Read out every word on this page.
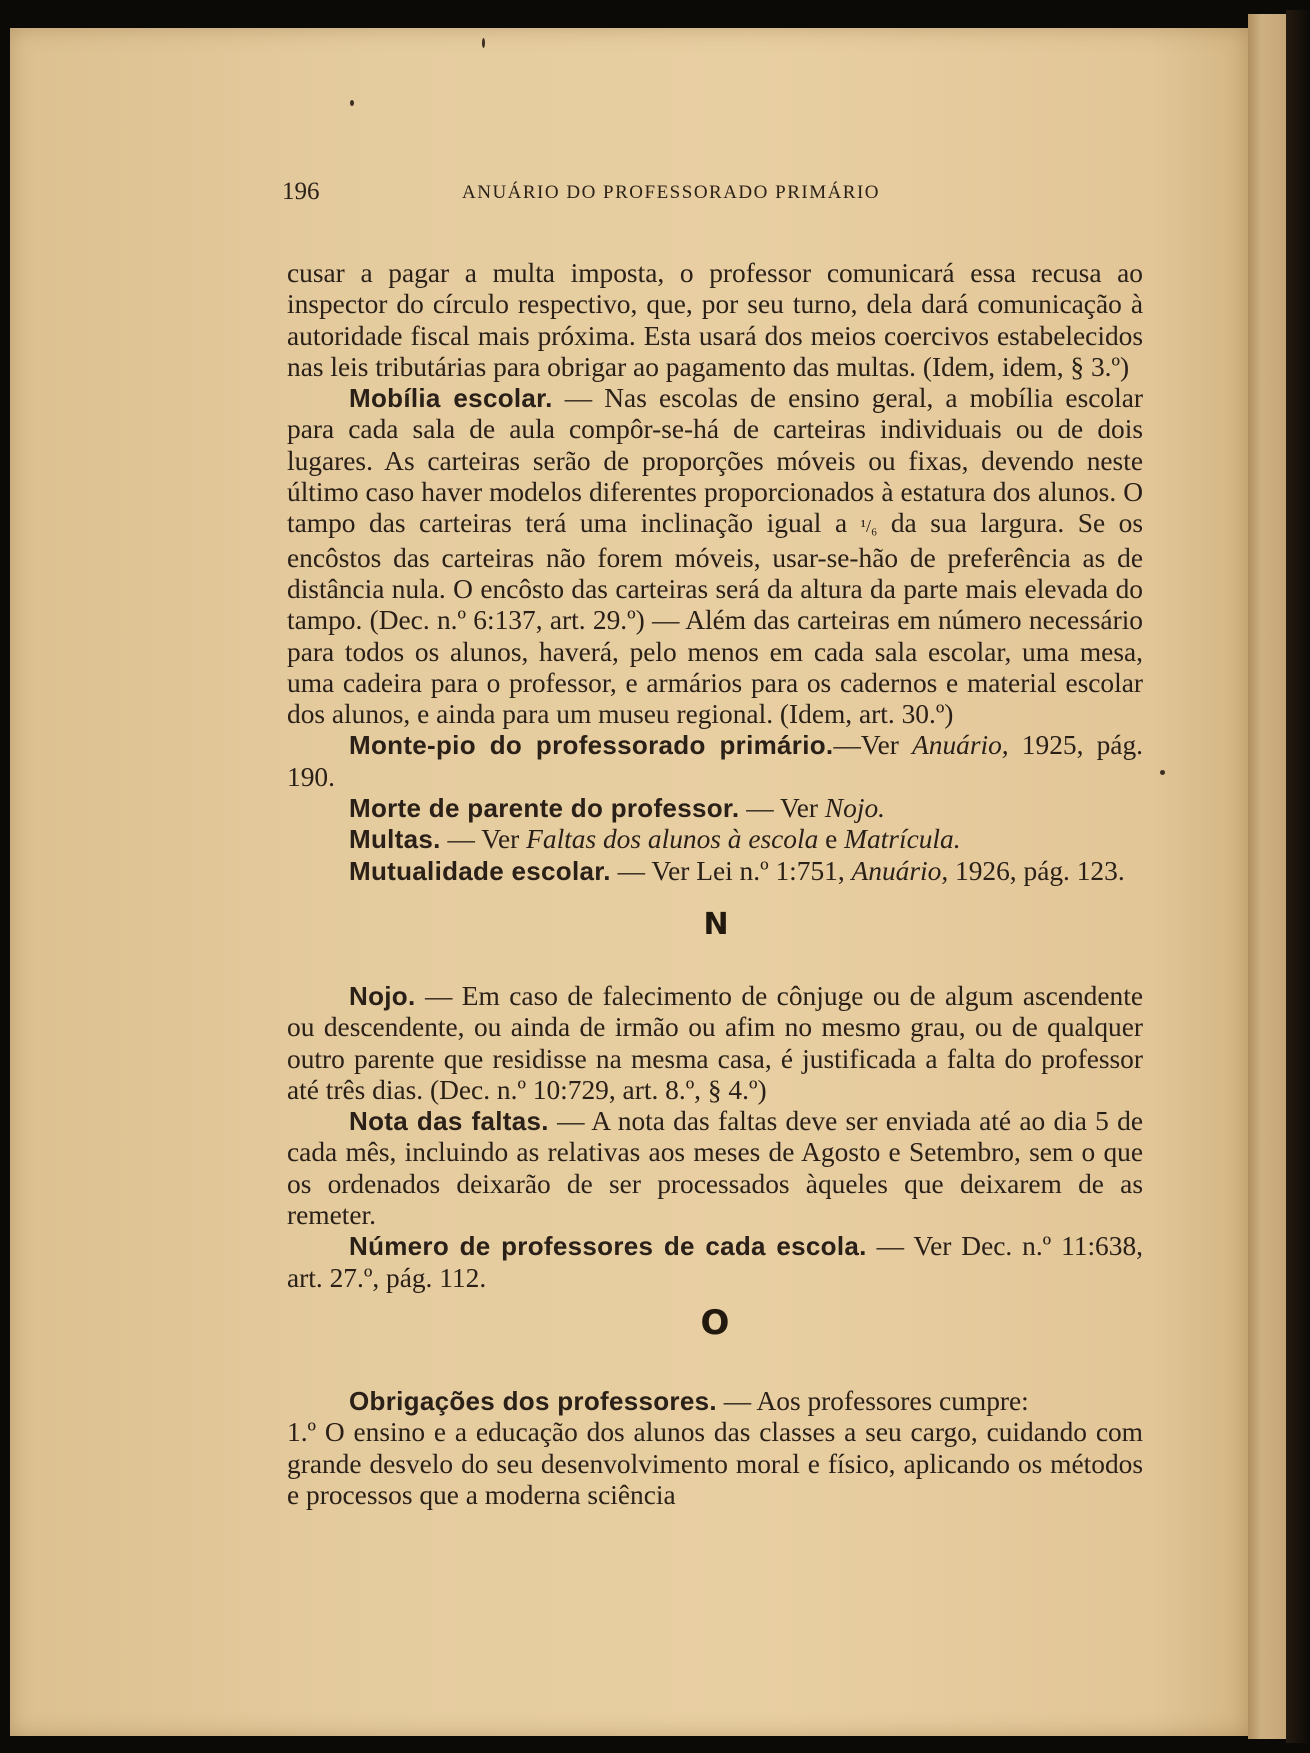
196	ANUÁRIO DO PROFESSORADO PRIMÁRIO

cusar a pagar a multa imposta, o professor comunicará essa recusa ao inspector do círculo respectivo, que, por seu turno, dela dará comunicação à autoridade fiscal mais próxima. Esta usará dos meios coercivos estabelecidos nas leis tributárias para obrigar ao pagamento das multas. (Idem, idem, § 3.º)

Mobília escolar. — Nas escolas de ensino geral, a mobília escolar para cada sala de aula compôr-se-há de carteiras individuais ou de dois lugares. As carteiras serão de proporções móveis ou fixas, devendo neste último caso haver modelos diferentes proporcionados à estatura dos alunos. O tampo das carteiras terá uma inclinação igual a ¹/₆ da sua largura. Se os encôstos das carteiras não forem móveis, usar-se-hão de preferência as de distância nula. O encôsto das carteiras será da altura da parte mais elevada do tampo. (Dec. n.º 6:137, art. 29.º) — Além das carteiras em número necessário para todos os alunos, haverá, pelo menos em cada sala escolar, uma mesa, uma cadeira para o professor, e armários para os cadernos e material escolar dos alunos, e ainda para um museu regional. (Idem, art. 30.º)

Monte-pio do professorado primário.—Ver Anuário, 1925, pág. 190.

Morte de parente do professor. — Ver Nojo.

Multas. — Ver Faltas dos alunos à escola e Matrícula.

Mutualidade escolar. — Ver Lei n.º 1:751, Anuário, 1926, pág. 123.

N

Nojo. — Em caso de falecimento de cônjuge ou de algum ascendente ou descendente, ou ainda de irmão ou afim no mesmo grau, ou de qualquer outro parente que residisse na mesma casa, é justificada a falta do professor até três dias. (Dec. n.º 10:729, art. 8.º, § 4.º)

Nota das faltas. — A nota das faltas deve ser enviada até ao dia 5 de cada mês, incluindo as relativas aos meses de Agosto e Setembro, sem o que os ordenados deixarão de ser processados àqueles que deixarem de as remeter.

Número de professores de cada escola. — Ver Dec. n.º 11:638, art. 27.º, pág. 112.

O

Obrigações dos professores. — Aos professores cumpre:

1.º O ensino e a educação dos alunos das classes a seu cargo, cuidando com grande desvelo do seu desenvolvimento moral e físico, aplicando os métodos e processos que a moderna sciência
